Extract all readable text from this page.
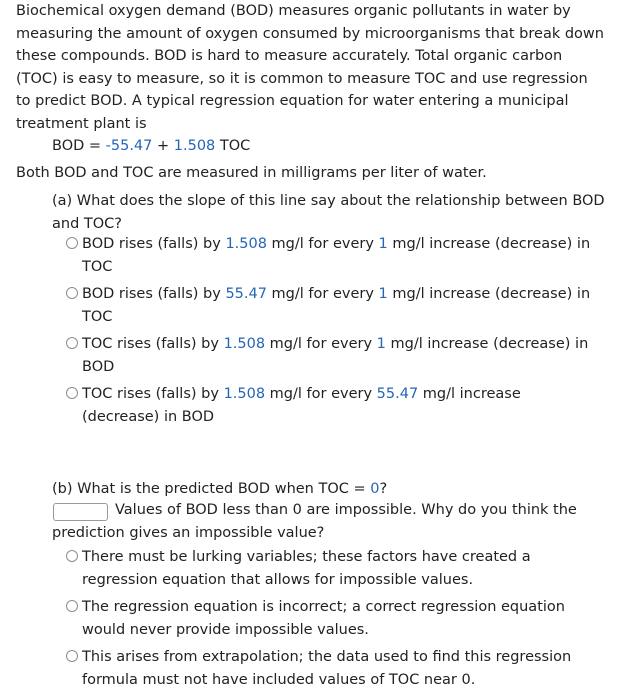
Biochemical oxygen demand (BOD) measures organic pollutants in water by
measuring the amount of oxygen consumed by microorganisms that break down
these compounds. BOD is hard to measure accurately. Total organic carbon
(TOC) is easy to measure, so it is common to measure TOC and use regression
to predict BOD. A typical regression equation for water entering a municipal
treatment plant is
BOD = -55.47 + 1.508 TOC
Both BOD and TOC are measured in milligrams per liter of water.
(a) What does the slope of this line say about the relationship between BOD and TOC?
BOD rises (falls) by 1.508 mg/l for every 1 mg/l increase (decrease) in TOC
BOD rises (falls) by 55.47 mg/l for every 1 mg/l increase (decrease) in TOC
TOC rises (falls) by 1.508 mg/l for every 1 mg/l increase (decrease) in BOD
TOC rises (falls) by 1.508 mg/l for every 55.47 mg/l increase (decrease) in BOD
(b) What is the predicted BOD when TOC = 0?
Values of BOD less than 0 are impossible. Why do you think the prediction gives an impossible value?
There must be lurking variables; these factors have created a regression equation that allows for impossible values.
The regression equation is incorrect; a correct regression equation would never provide impossible values.
This arises from extrapolation; the data used to find this regression formula must not have included values of TOC near 0.
